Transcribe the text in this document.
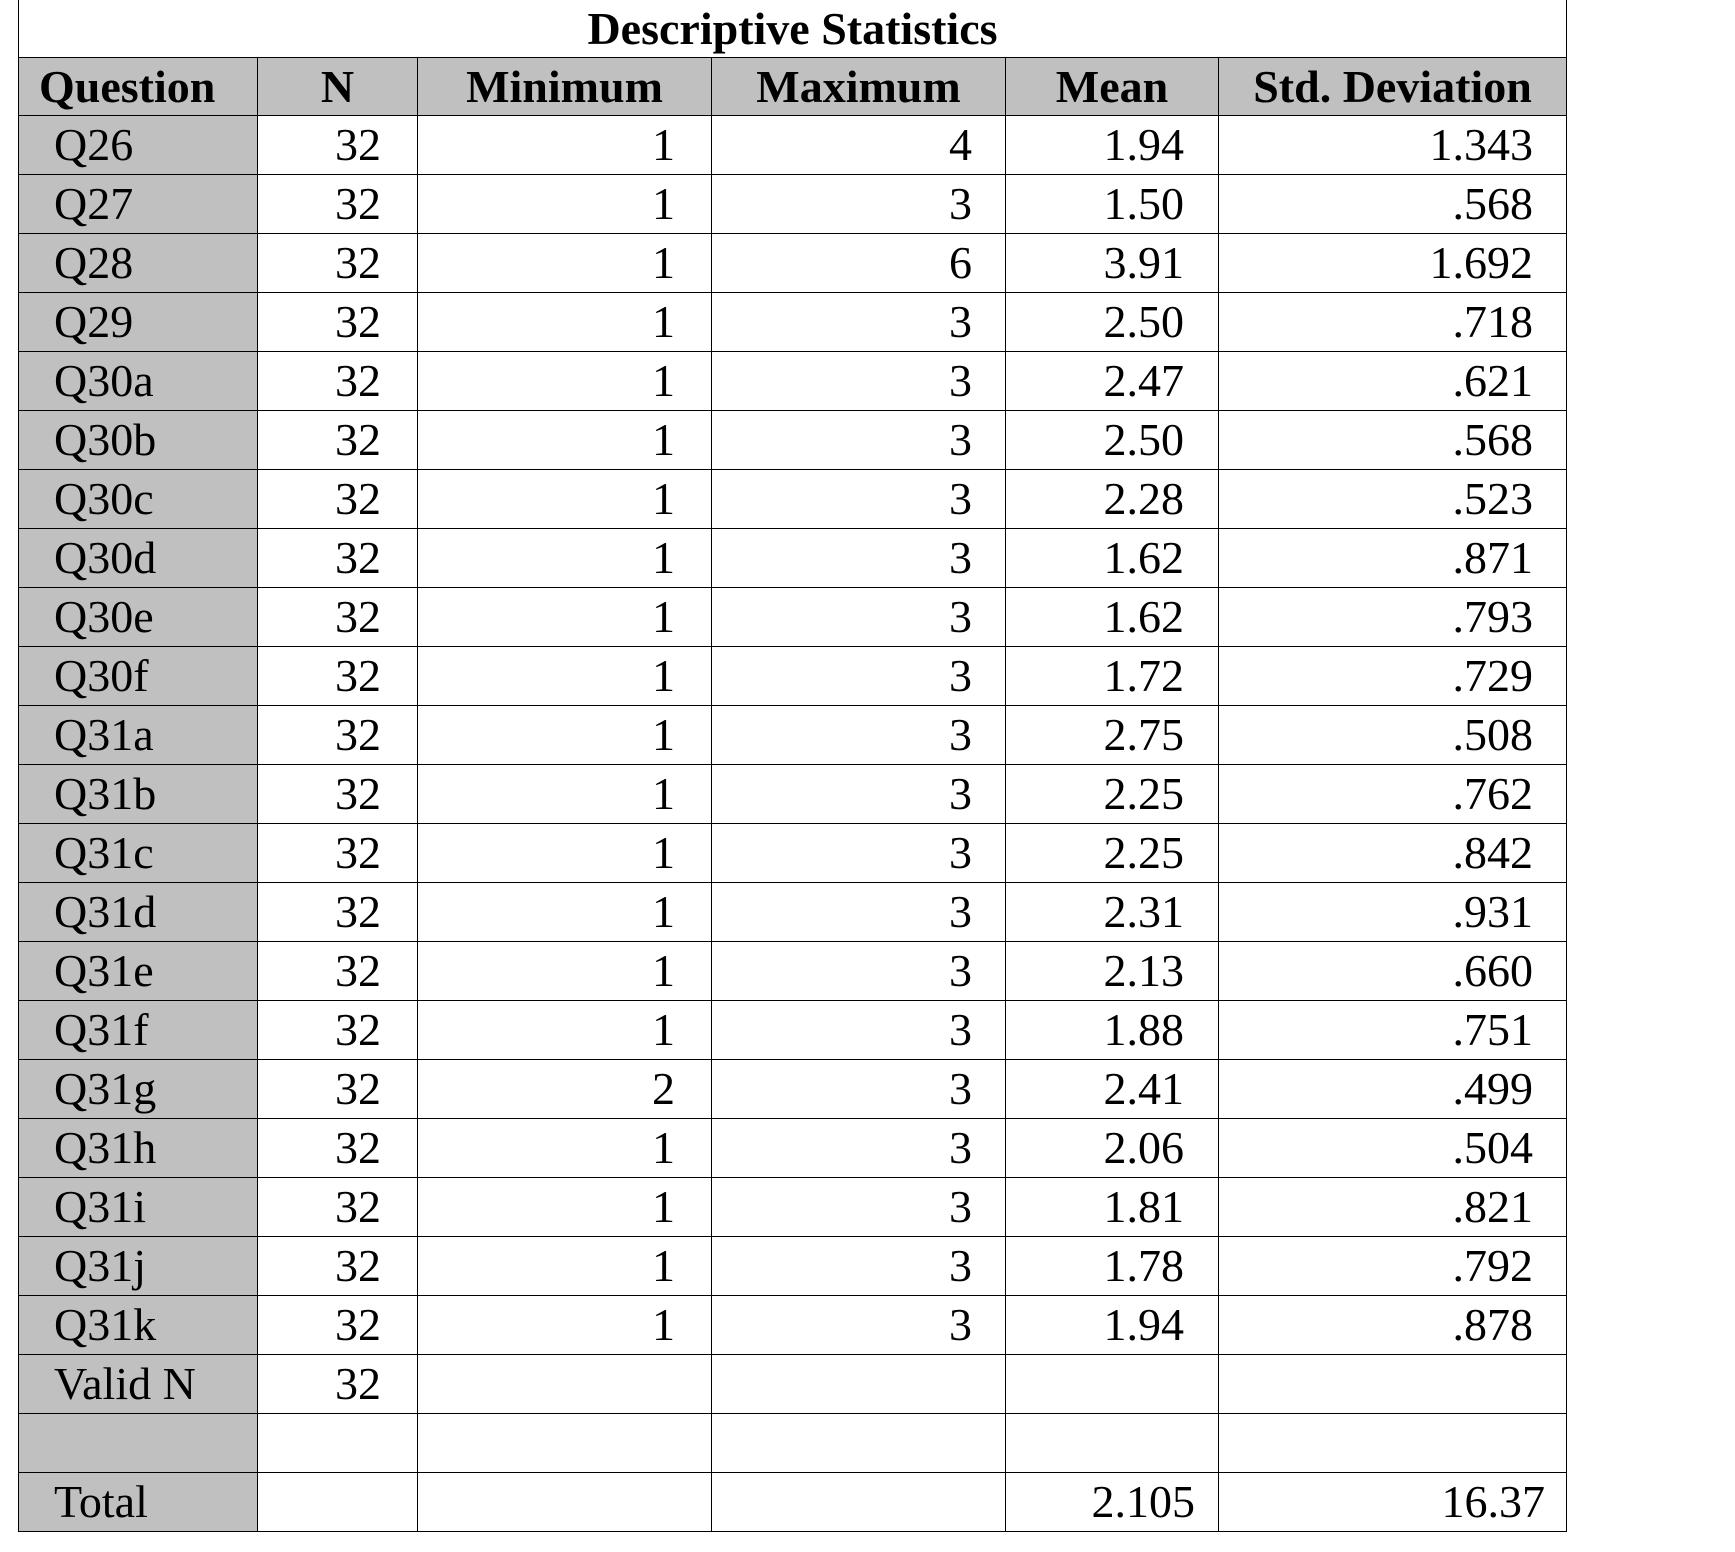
Descriptive Statistics					
Question	N	Minimum	Maximum	Mean	Std. Deviation
Q26	32	1	4	1.94	1.343
Q27	32	1	3	1.50	.568
Q28	32	1	6	3.91	1.692
Q29	32	1	3	2.50	.718
Q30a	32	1	3	2.47	.621
Q30b	32	1	3	2.50	.568
Q30c	32	1	3	2.28	.523
Q30d	32	1	3	1.62	.871
Q30e	32	1	3	1.62	.793
Q30f	32	1	3	1.72	.729
Q31a	32	1	3	2.75	.508
Q31b	32	1	3	2.25	.762
Q31c	32	1	3	2.25	.842
Q31d	32	1	3	2.31	.931
Q31e	32	1	3	2.13	.660
Q31f	32	1	3	1.88	.751
Q31g	32	2	3	2.41	.499
Q31h	32	1	3	2.06	.504
Q31i	32	1	3	1.81	.821
Q31j	32	1	3	1.78	.792
Q31k	32	1	3	1.94	.878
Valid N	32				

Total				2.105	16.37
